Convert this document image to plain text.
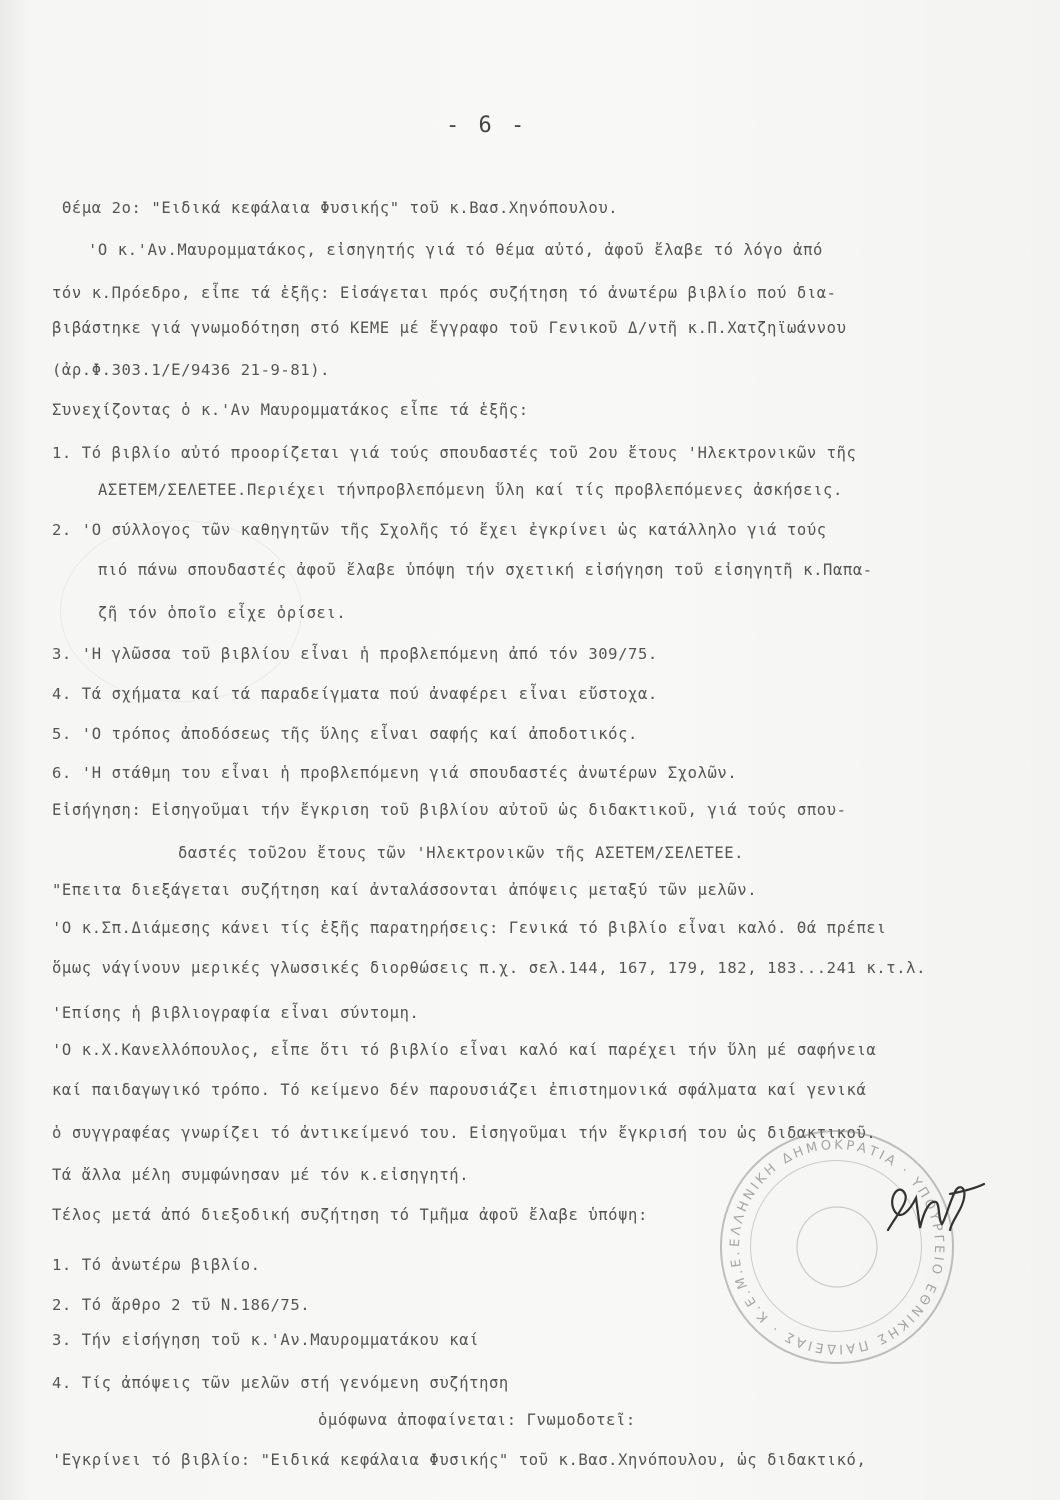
- 6 -
Θέμα 2ο: "Ειδικά κεφάλαια Φυσικής" τοῦ κ.Βασ.Χηνόπουλου.
'Ο κ.'Αν.Μαυρομματάκος, εἰσηγητής γιά τό θέμα αὐτό, ἀφοῦ ἔλαβε τό λόγο ἀπό
τόν κ.Πρόεδρο, εἶπε τά ἑξῆς: Εἰσάγεται πρός συζήτηση τό ἀνωτέρω βιβλίο πού δια-
βιβάστηκε γιά γνωμοδότηση στό ΚΕΜΕ μέ ἔγγραφο τοῦ Γενικοῦ Δ/ντῆ κ.Π.Χατζηϊωάννου
(ἀρ.Φ.303.1/Ε/9436 21-9-81).
Συνεχίζοντας ὁ κ.'Αν Μαυρομματάκος εἶπε τά ἑξῆς:
1. Τό βιβλίο αὐτό προορίζεται γιά τούς σπουδαστές τοῦ 2ου ἔτους 'Ηλεκτρονικῶν τῆς
ΑΣΕΤΕΜ/ΣΕΛΕΤΕΕ.Περιέχει τήνπροβλεπόμενη ὕλη καί τίς προβλεπόμενες ἀσκήσεις.
2. 'Ο σύλλογος τῶν καθηγητῶν τῆς Σχολῆς τό ἔχει ἐγκρίνει ὡς κατάλληλο γιά τούς
πιό πάνω σπουδαστές ἀφοῦ ἔλαβε ὑπόψη τήν σχετική εἰσήγηση τοῦ εἰσηγητῆ κ.Παπα-
ζῆ τόν ὁποῖο εἶχε ὁρίσει.
3. 'Η γλῶσσα τοῦ βιβλίου εἶναι ἡ προβλεπόμενη ἀπό τόν 309/75.
4. Τά σχήματα καί τά παραδείγματα πού ἀναφέρει εἶναι εὔστοχα.
5. 'Ο τρόπος ἀποδόσεως τῆς ὕλης εἶναι σαφής καί ἀποδοτικός.
6. 'Η στάθμη του εἶναι ἡ προβλεπόμενη γιά σπουδαστές ἀνωτέρων Σχολῶν.
Εἰσήγηση: Εἰσηγοῦμαι τήν ἔγκριση τοῦ βιβλίου αὐτοῦ ὡς διδακτικοῦ, γιά τούς σπου-
δαστές τοῦ2ου ἔτους τῶν 'Ηλεκτρονικῶν τῆς ΑΣΕΤΕΜ/ΣΕΛΕΤΕΕ.
"Επειτα διεξάγεται συζήτηση καί ἀνταλάσσονται ἀπόψεις μεταξύ τῶν μελῶν.
'Ο κ.Σπ.Διάμεσης κάνει τίς ἑξῆς παρατηρήσεις: Γενικά τό βιβλίο εἶναι καλό. Θά πρέπει
ὅμως νάγίνουν μερικές γλωσσικές διορθώσεις π.χ. σελ.144, 167, 179, 182, 183...241 κ.τ.λ.
'Επίσης ἡ βιβλιογραφία εἶναι σύντομη.
'Ο κ.Χ.Κανελλόπουλος, εἶπε ὅτι τό βιβλίο εἶναι καλό καί παρέχει τήν ὕλη μέ σαφήνεια
καί παιδαγωγικό τρόπο. Τό κείμενο δέν παρουσιάζει ἐπιστημονικά σφάλματα καί γενικά
ὁ συγγραφέας γνωρίζει τό ἀντικείμενό του. Εἰσηγοῦμαι τήν ἔγκρισή του ὡς διδακτικοῦ.
Τά ἄλλα μέλη συμφώνησαν μέ τόν κ.εἰσηγητή.
Τέλος μετά ἀπό διεξοδική συζήτηση τό Τμῆμα ἀφοῦ ἔλαβε ὑπόψη:
1. Τό ἀνωτέρω βιβλίο.
2. Τό ἄρθρο 2 τῦ Ν.186/75.
3. Τήν εἰσήγηση τοῦ κ.'Αν.Μαυρομματάκου καί
4. Τίς ἀπόψεις τῶν μελῶν στή γενόμενη συζήτηση
ὁμόφωνα ἀποφαίνεται: Γνωμοδοτεῖ:
'Εγκρίνει τό βιβλίο: "Ειδικά κεφάλαια Φυσικής" τοῦ κ.Βασ.Χηνόπουλου, ὡς διδακτικό,
ΕΛΛΗΝΙΚΗ ΔΗΜΟΚΡΑΤΙΑ · ΥΠΟΥΡΓΕΙΟ ΕΘΝΙΚΗΣ ΠΑΙΔΕΙΑΣ · Κ.Ε.Μ.Ε.
